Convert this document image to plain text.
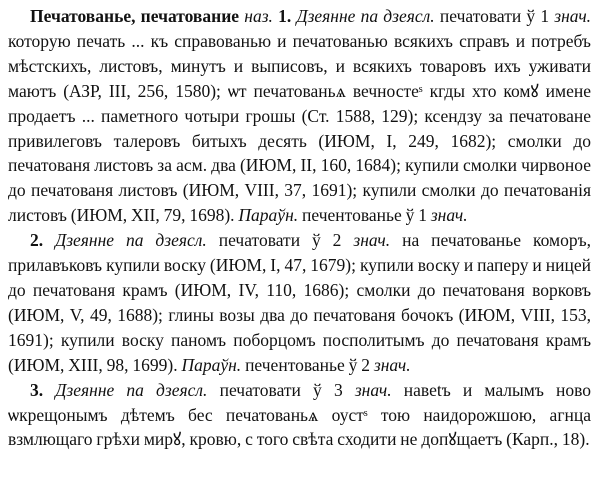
Печатованье, печатование наз. 1. Дзеянне па дзеясл. печатовати ў 1 знач. которую печать ... къ справованью и печатованью всякихъ справъ и потребъ мѣстскихъ, листовъ, минутъ и выписовъ, и всякихъ товаровъ ихъ уживати маютъ (АЗР, III, 256, 1580); ѡт печатованьѧ вечностеˢ кгды хто комꙋ имене продаетъ ... паметного чотыри грошы (Ст. 1588, 129); ксендзу за печатоване привилеговъ талеровъ битыхъ десять (ИЮМ, I, 249, 1682); смолки до печатованя листовъ за асм. два (ИЮМ, II, 160, 1684); купили смолки чирвоное до печатованя листовъ (ИЮМ, VIII, 37, 1691); купили смолки до печатованія листовъ (ИЮМ, XII, 79, 1698). Параўн. печентованье ў 1 знач.

2. Дзеянне па дзеясл. печатовати ў 2 знач. на печатованье коморъ, прилавъковъ купили воску (ИЮМ, I, 47, 1679); купили воску и паперу и ницей до печатованя крамъ (ИЮМ, IV, 110, 1686); смолки до печатованя ворковъ (ИЮМ, V, 49, 1688); глины возы два до печатованя бочокъ (ИЮМ, VIII, 153, 1691); купили воску паномъ поборцомъ посполитымъ до печатованя крамъ (ИЮМ, XIII, 98, 1699). Параўн. печентованье ў 2 знач.

3. Дзеянне па дзеясл. печатовати ў 3 знач. навеtъ и малымъ ново ѡкрещонымъ дѣтемъ бес печатованьѧ оустˢ тою наидорожшою, агнца взмлющаго грѣхи мирꙋ, кровю, с того свѣта сходити не допꙋщаетъ (Карп., 18).
